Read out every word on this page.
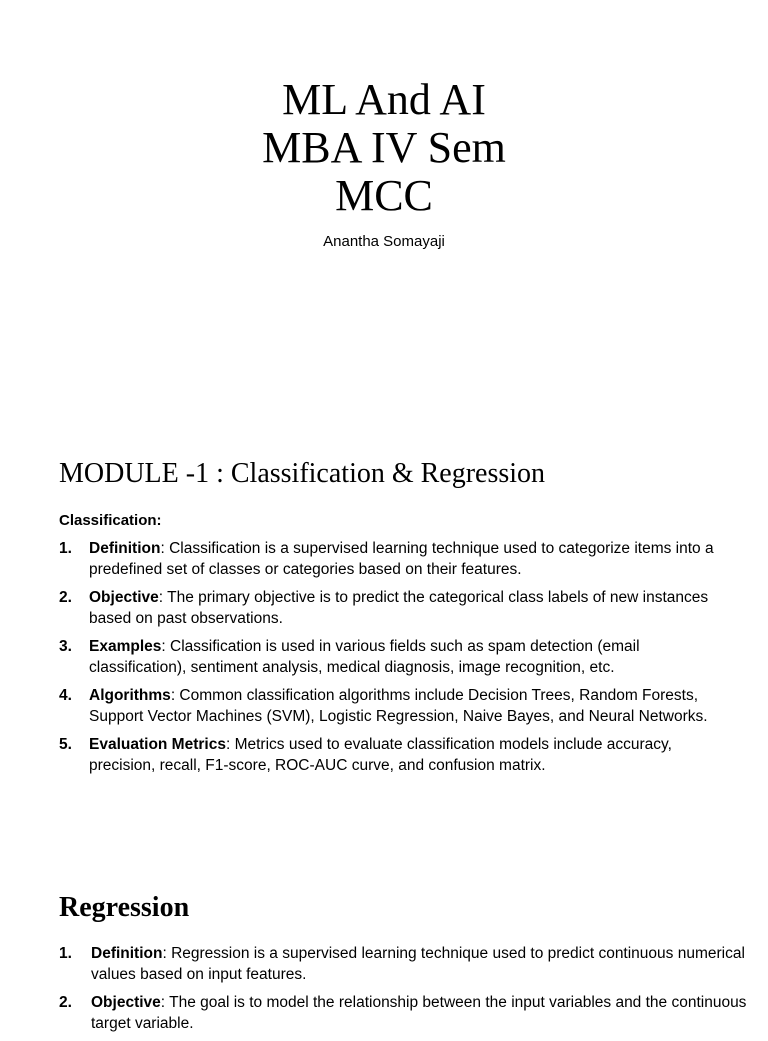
ML And AI
MBA IV Sem
MCC
Anantha Somayaji
MODULE -1 : Classification & Regression
Classification:
1. Definition: Classification is a supervised learning technique used to categorize items into a predefined set of classes or categories based on their features.
2. Objective: The primary objective is to predict the categorical class labels of new instances based on past observations.
3. Examples: Classification is used in various fields such as spam detection (email classification), sentiment analysis, medical diagnosis, image recognition, etc.
4. Algorithms: Common classification algorithms include Decision Trees, Random Forests, Support Vector Machines (SVM), Logistic Regression, Naive Bayes, and Neural Networks.
5. Evaluation Metrics: Metrics used to evaluate classification models include accuracy, precision, recall, F1-score, ROC-AUC curve, and confusion matrix.
Regression
1. Definition: Regression is a supervised learning technique used to predict continuous numerical values based on input features.
2. Objective: The goal is to model the relationship between the input variables and the continuous target variable.
